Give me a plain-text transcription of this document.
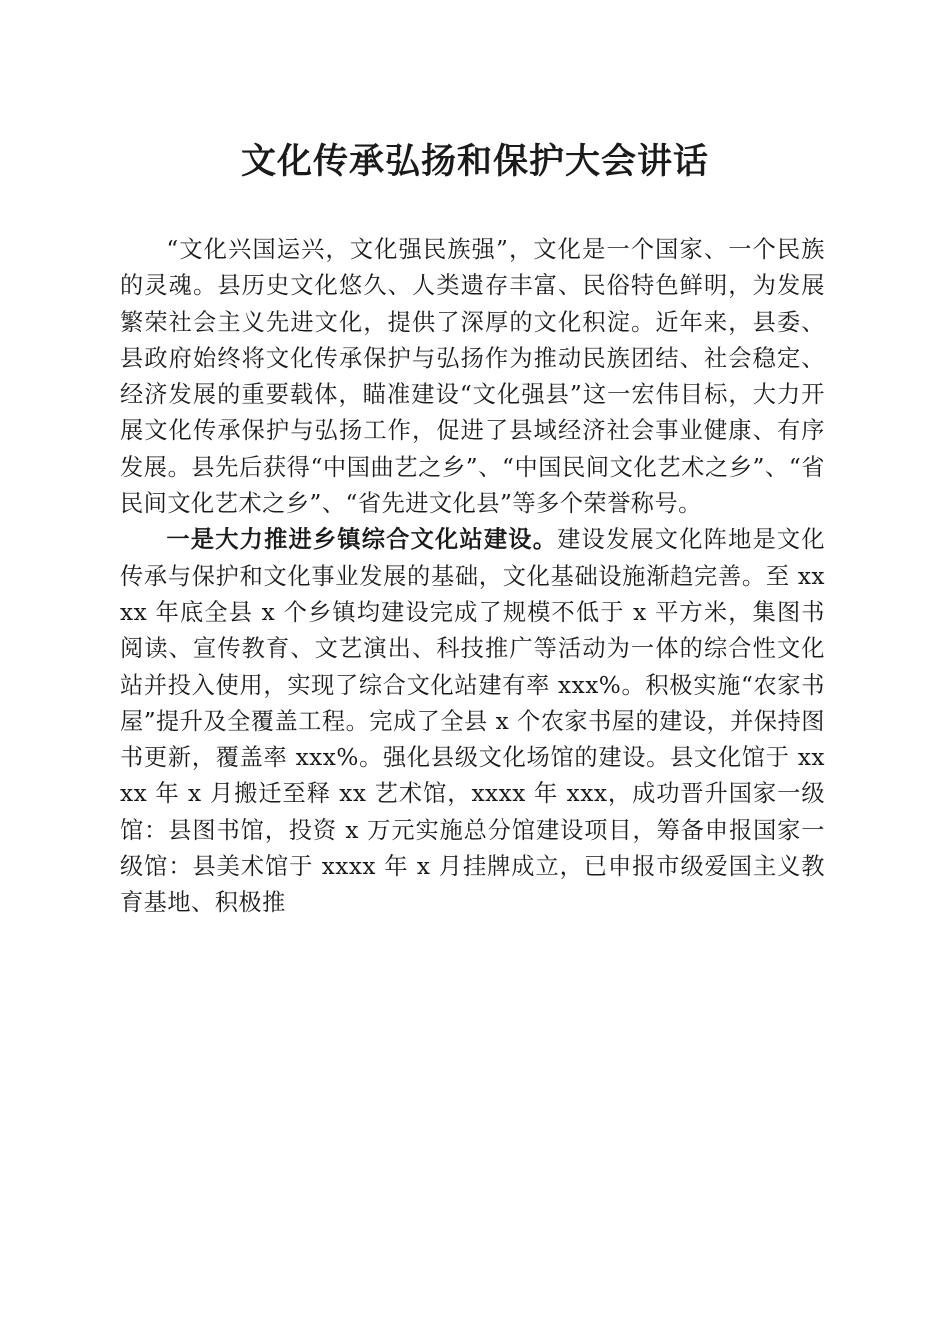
文化传承弘扬和保护大会讲话

“文化兴国运兴，文化强民族强”，文化是一个国家、一个民族的灵魂。县历史文化悠久、人类遗存丰富、民俗特色鲜明，为发展繁荣社会主义先进文化，提供了深厚的文化积淀。近年来，县委、县政府始终将文化传承保护与弘扬作为推动民族团结、社会稳定、经济发展的重要载体，瞄准建设“文化强县”这一宏伟目标，大力开展文化传承保护与弘扬工作，促进了县域经济社会事业健康、有序发展。县先后获得“中国曲艺之乡”、“中国民间文化艺术之乡”、“省民间文化艺术之乡”、“省先进文化县”等多个荣誉称号。

一是大力推进乡镇综合文化站建设。建设发展文化阵地是文化传承与保护和文化事业发展的基础，文化基础设施渐趋完善。至 xxxx 年底全县 x 个乡镇均建设完成了规模不低于 x 平方米，集图书阅读、宣传教育、文艺演出、科技推广等活动为一体的综合性文化站并投入使用，实现了综合文化站建有率 xxx%。积极实施“农家书屋”提升及全覆盖工程。完成了全县 x 个农家书屋的建设，并保持图书更新，覆盖率 xxx%。强化县级文化场馆的建设。县文化馆于 xxxx 年 x 月搬迁至释 xx 艺术馆，xxxx 年 xxx，成功晋升国家一级馆：县图书馆，投资 x 万元实施总分馆建设项目，筹备申报国家一级馆：县美术馆于 xxxx 年 x 月挂牌成立，已申报市级爱国主义教育基地、积极推
